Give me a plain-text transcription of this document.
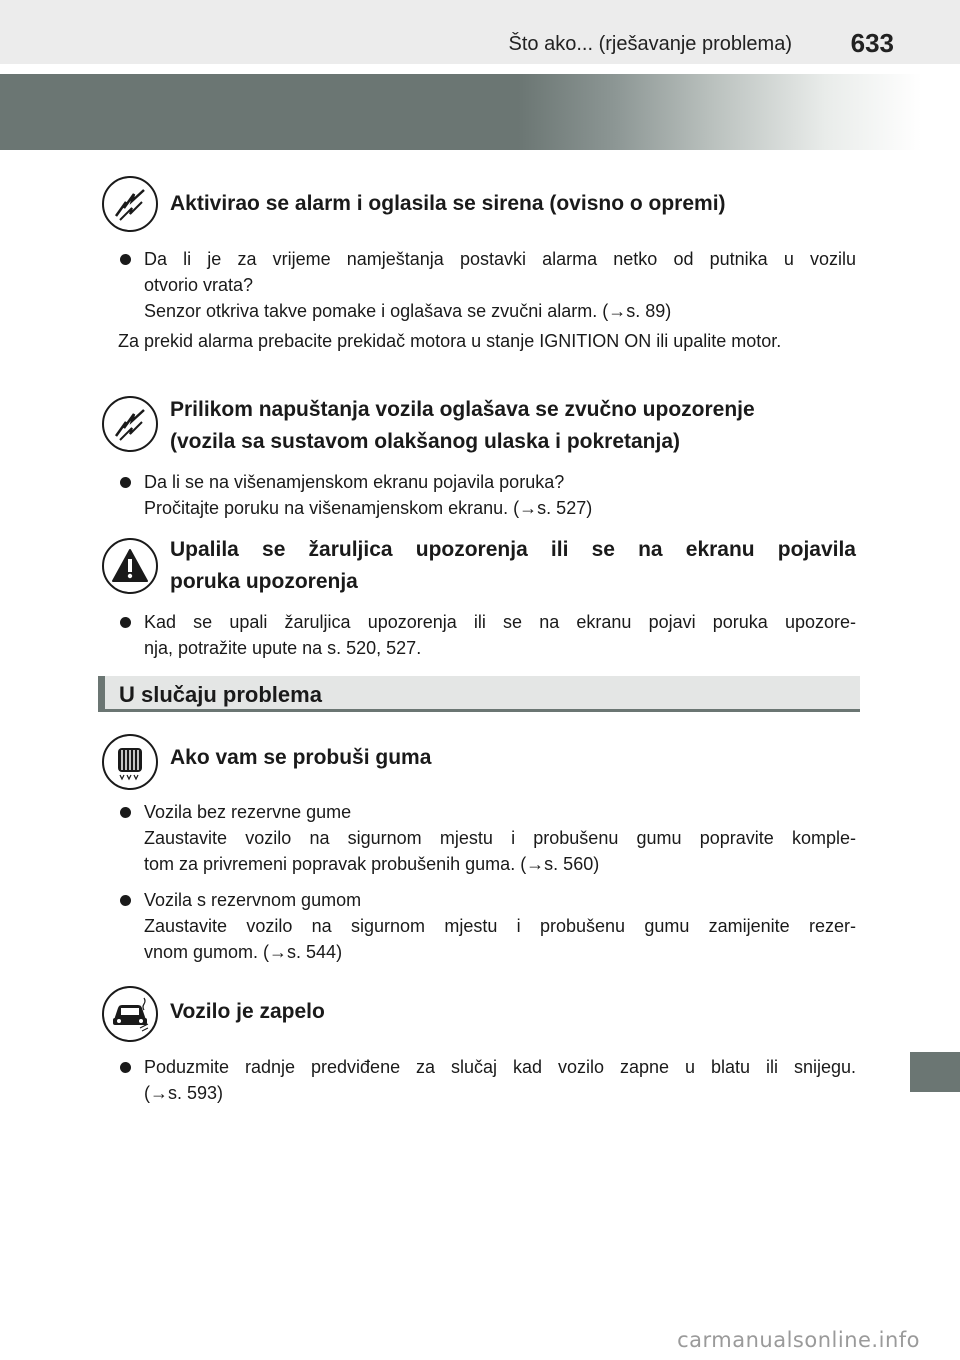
Što ako... (rješavanje problema) 633
Aktivirao se alarm i oglasila se sirena (ovisno o opremi)
Da li je za vrijeme namještanja postavki alarma netko od putnika u vozilu
otvorio vrata?
Senzor otkriva takve pomake i oglašava se zvučni alarm. (→s. 89)
Za prekid alarma prebacite prekidač motora u stanje IGNITION ON ili upalite motor.
Prilikom napuštanja vozila oglašava se zvučno upozorenje
(vozila sa sustavom olakšanog ulaska i pokretanja)
Da li se na višenamjenskom ekranu pojavila poruka?
Pročitajte poruku na višenamjenskom ekranu. (→s. 527)
Upalila se žaruljica upozorenja ili se na ekranu pojavila
poruka upozorenja
Kad se upali žaruljica upozorenja ili se na ekranu pojavi poruka upozore-
nja, potražite upute na s. 520, 527.
U slučaju problema
Ako vam se probuši guma
Vozila bez rezervne gume
Zaustavite vozilo na sigurnom mjestu i probušenu gumu popravite komple-
tom za privremeni popravak probušenih guma. (→s. 560)
Vozila s rezervnom gumom
Zaustavite vozilo na sigurnom mjestu i probušenu gumu zamijenite rezer-
vnom gumom. (→s. 544)
Vozilo je zapelo
Poduzmite radnje predviđene za slučaj kad vozilo zapne u blatu ili snijegu.
(→s. 593)
carmanualsonline.info
